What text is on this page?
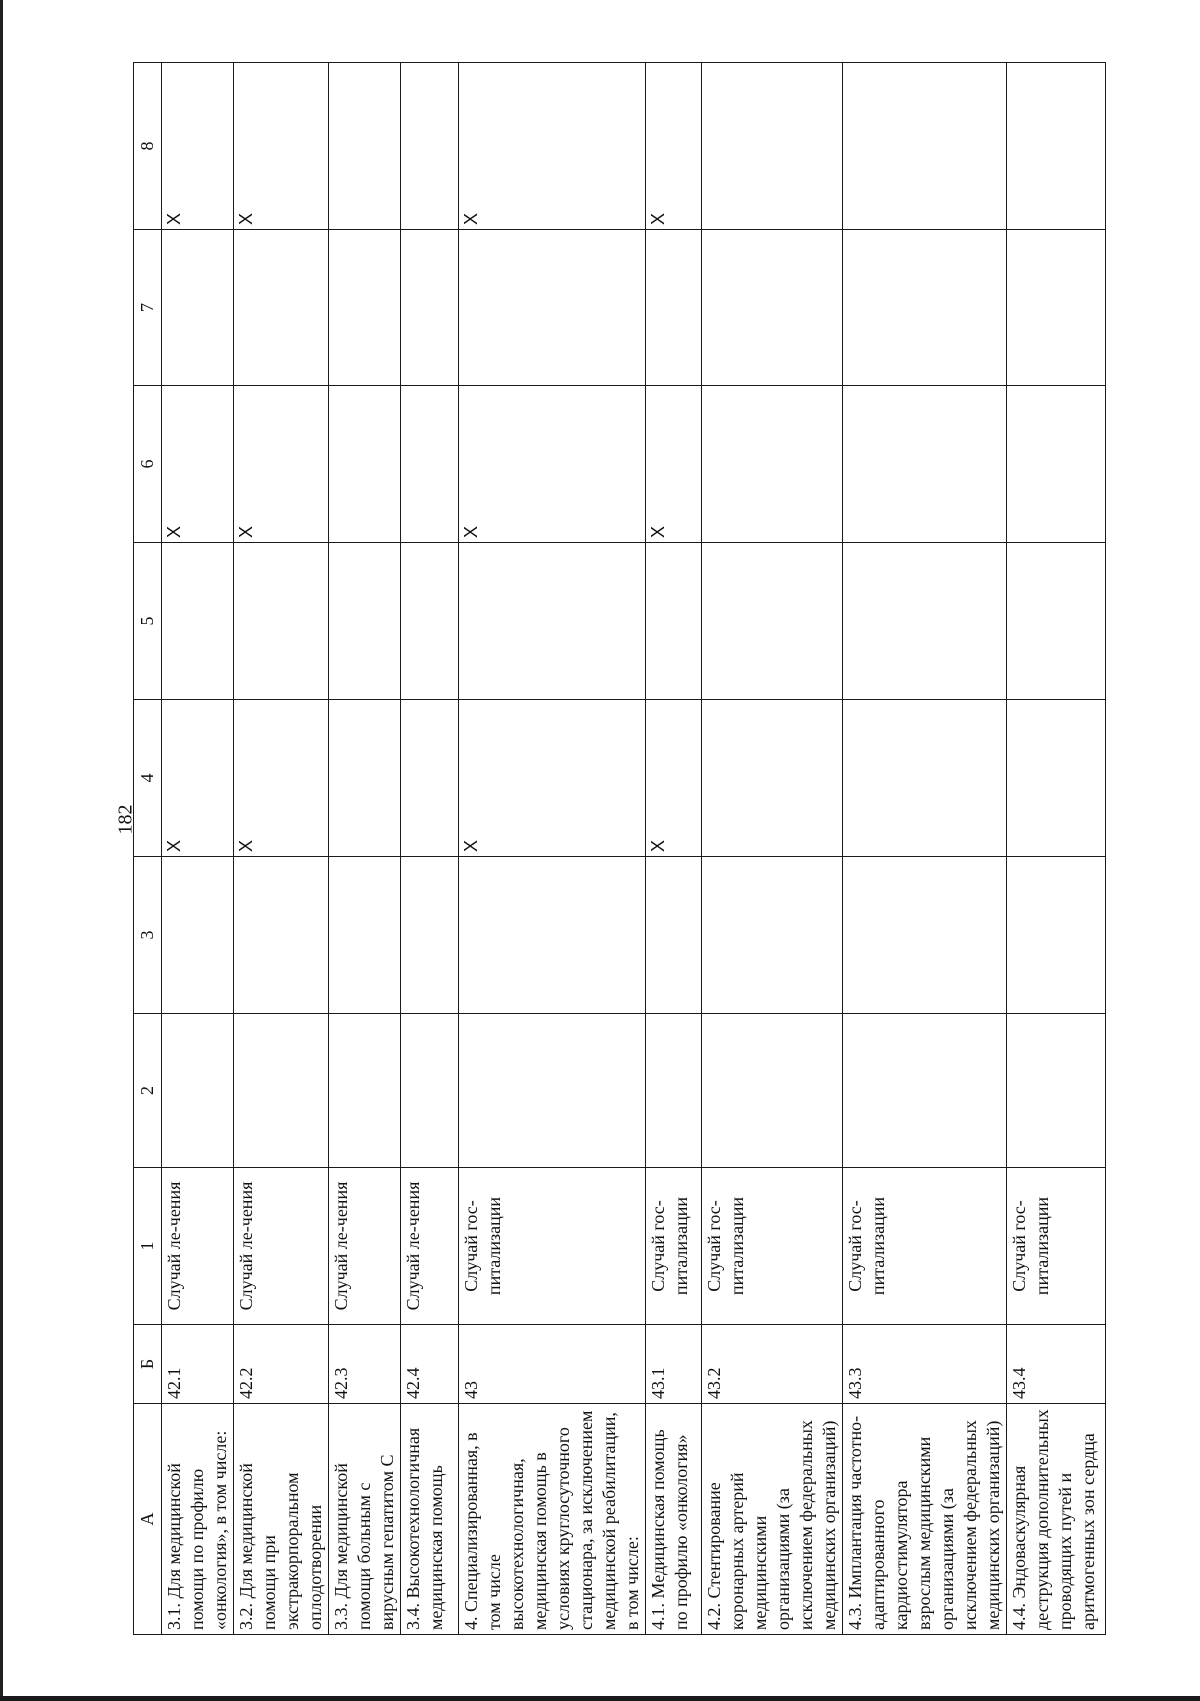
182
А	Б	1	2	3	4	5	6	7	8
3.1. Для медицинской помощи по профилю «онкология», в том числе:	42.1	Случай ле-чения			Х		Х		Х
3.2. Для медицинской помощи при экстракорпоральном оплодотворении	42.2	Случай ле-чения			Х		Х		Х
3.3. Для медицинской помощи больным с вирусным гепатитом С	42.3	Случай ле-чения							
3.4. Высокотехнологичная медицинская помощь	42.4	Случай ле-чения							
4. Специализированная, в том числе высокотехнологичная, медицинская помощь в условиях круглосуточного стационара, за исключением медицинской реабилитации, в том числе:	43	Случай гос-питализации			Х		Х		Х
4.1. Медицинская помощь по профилю «онкология»	43.1	Случай гос-питализации			Х		Х		Х
4.2. Стентирование коронарных артерий медицинскими организациями (за исключением федеральных медицинских организаций)	43.2	Случай гос-питализации							
4.3. Имплантация частотно-адаптированного кардиостимулятора взрослым медицинскими организациями (за исключением федеральных медицинских организаций)	43.3	Случай гос-питализации							
4.4. Эндоваскулярная деструкция дополнительных проводящих путей и аритмогенных зон сердца	43.4	Случай гос-питализации							
